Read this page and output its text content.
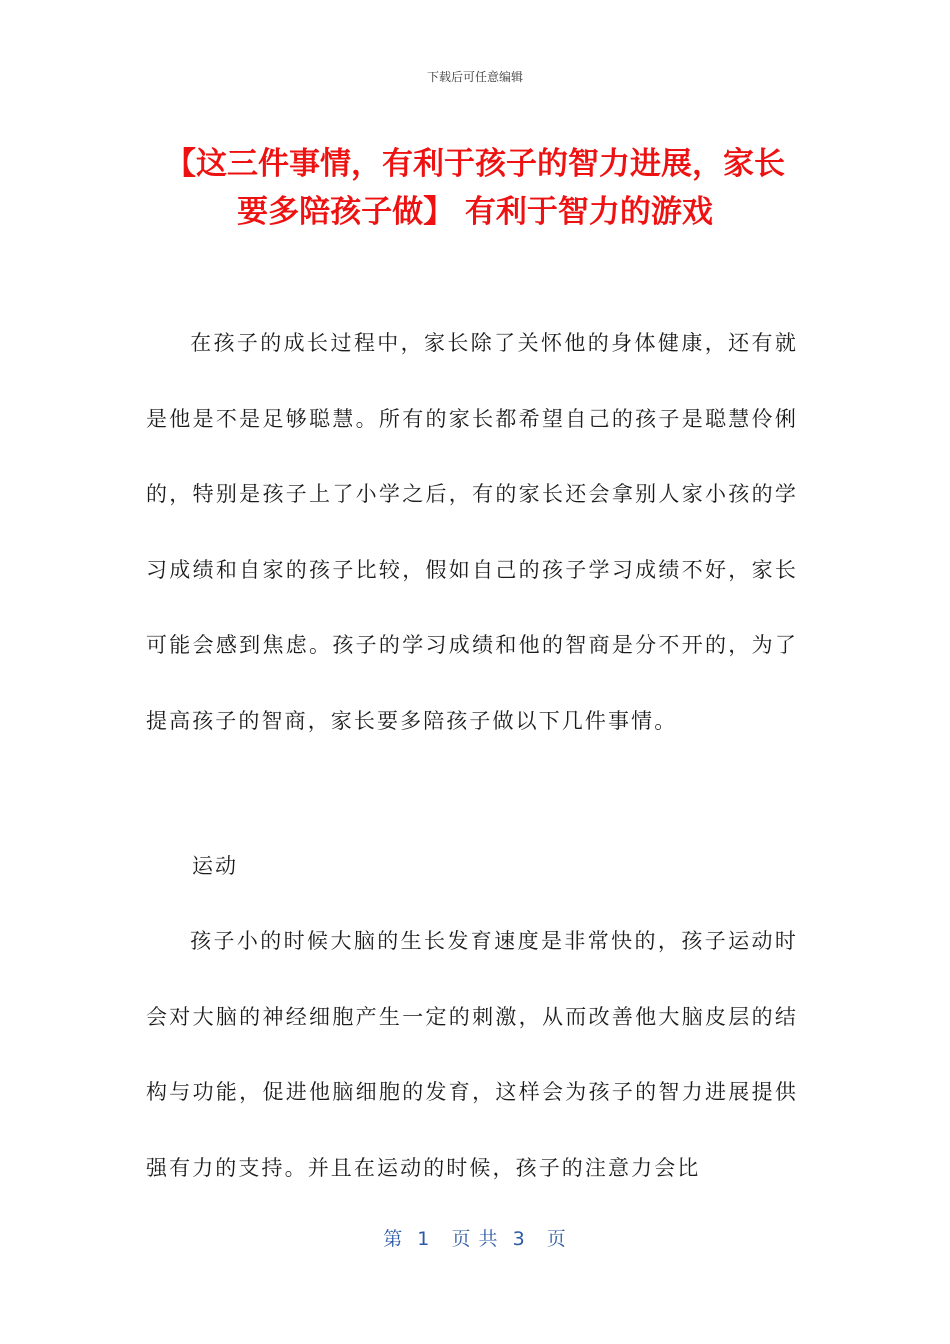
下载后可任意编辑
【这三件事情，有利于孩子的智力进展，家长要多陪孩子做】 有利于智力的游戏

在孩子的成长过程中，家长除了关怀他的身体健康，还有就是他是不是足够聪慧。所有的家长都希望自己的孩子是聪慧伶俐的，特别是孩子上了小学之后，有的家长还会拿别人家小孩的学习成绩和自家的孩子比较，假如自己的孩子学习成绩不好，家长可能会感到焦虑。孩子的学习成绩和他的智商是分不开的，为了提高孩子的智商，家长要多陪孩子做以下几件事情。

运动

孩子小的时候大脑的生长发育速度是非常快的，孩子运动时会对大脑的神经细胞产生一定的刺激，从而改善他大脑皮层的结构与功能，促进他脑细胞的发育，这样会为孩子的智力进展提供强有力的支持。并且在运动的时候，孩子的注意力会比

第  1   页 共  3   页
